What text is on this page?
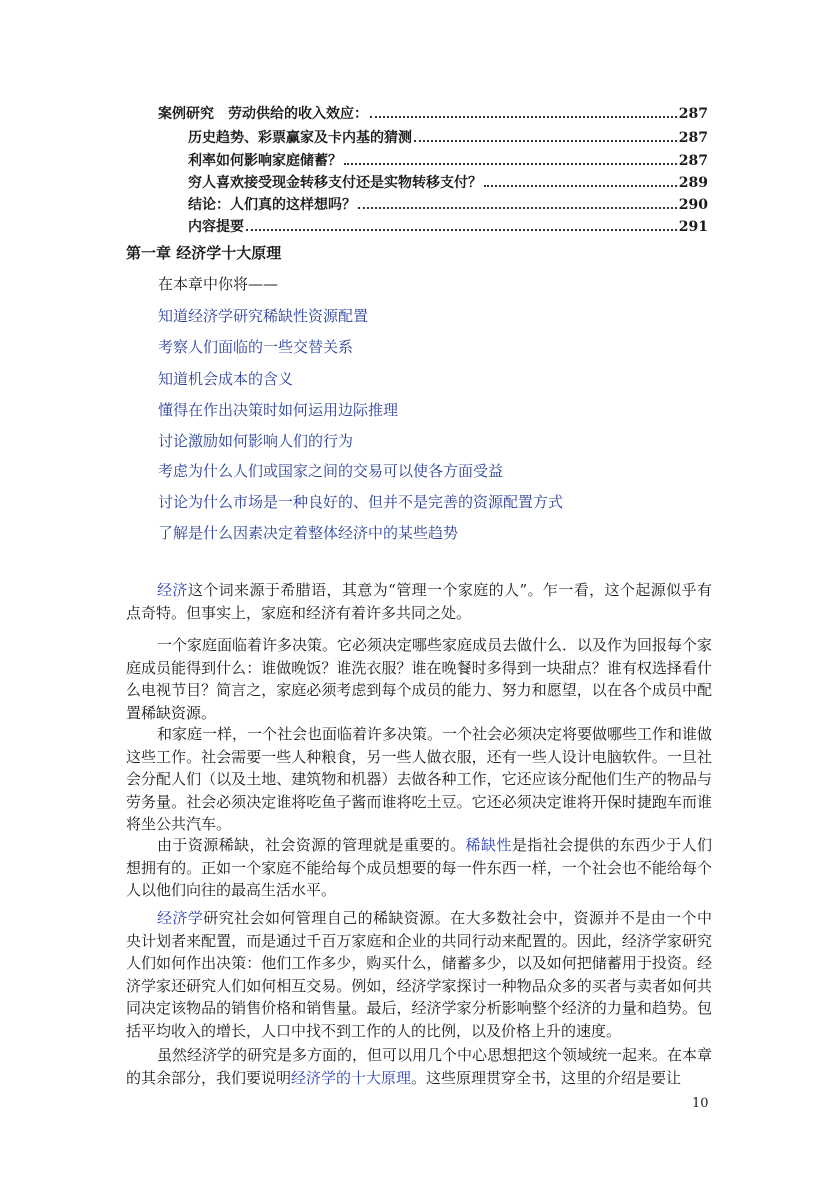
案例研究　劳动供给的收入效应：	287
历史趋势、彩票赢家及卡内基的猜测	287
利率如何影响家庭储蓄？	287
穷人喜欢接受现金转移支付还是实物转移支付？	289
结论：人们真的这样想吗？	290
内容提要	291
第一章 经济学十大原理
在本章中你将——
知道经济学研究稀缺性资源配置
考察人们面临的一些交替关系
知道机会成本的含义
懂得在作出决策时如何运用边际推理
讨论激励如何影响人们的行为
考虑为什么人们或国家之间的交易可以使各方面受益
讨论为什么市场是一种良好的、但并不是完善的资源配置方式
了解是什么因素决定着整体经济中的某些趋势

经济这个词来源于希腊语，其意为“管理一个家庭的人”。乍一看，这个起源似乎有点奇特。但事实上，家庭和经济有着许多共同之处。

一个家庭面临着许多决策。它必须决定哪些家庭成员去做什么．以及作为回报每个家庭成员能得到什么：谁做晚饭？谁洗衣服？谁在晚餐时多得到一块甜点？谁有权选择看什么电视节目？简言之，家庭必须考虑到每个成员的能力、努力和愿望，以在各个成员中配置稀缺资源。

和家庭一样，一个社会也面临着许多决策。一个社会必须决定将要做哪些工作和谁做这些工作。社会需要一些人种粮食，另一些人做衣服，还有一些人设计电脑软件。一旦社会分配人们（以及土地、建筑物和机器）去做各种工作，它还应该分配他们生产的物品与劳务量。社会必须决定谁将吃鱼子酱而谁将吃土豆。它还必须决定谁将开保时捷跑车而谁将坐公共汽车。

由于资源稀缺，社会资源的管理就是重要的。稀缺性是指社会提供的东西少于人们想拥有的。正如一个家庭不能给每个成员想要的每一件东西一样，一个社会也不能给每个人以他们向往的最高生活水平。

经济学研究社会如何管理自己的稀缺资源。在大多数社会中，资源并不是由一个中央计划者来配置，而是通过千百万家庭和企业的共同行动来配置的。因此，经济学家研究人们如何作出决策：他们工作多少，购买什么，储蓄多少，以及如何把储蓄用于投资。经济学家还研究人们如何相互交易。例如，经济学家探讨一种物品众多的买者与卖者如何共同决定该物品的销售价格和销售量。最后，经济学家分析影响整个经济的力量和趋势。包括平均收入的增长，人口中找不到工作的人的比例，以及价格上升的速度。

虽然经济学的研究是多方面的，但可以用几个中心思想把这个领域统一起来。在本章的其余部分，我们要说明经济学的十大原理。这些原理贯穿全书，这里的介绍是要让

10
